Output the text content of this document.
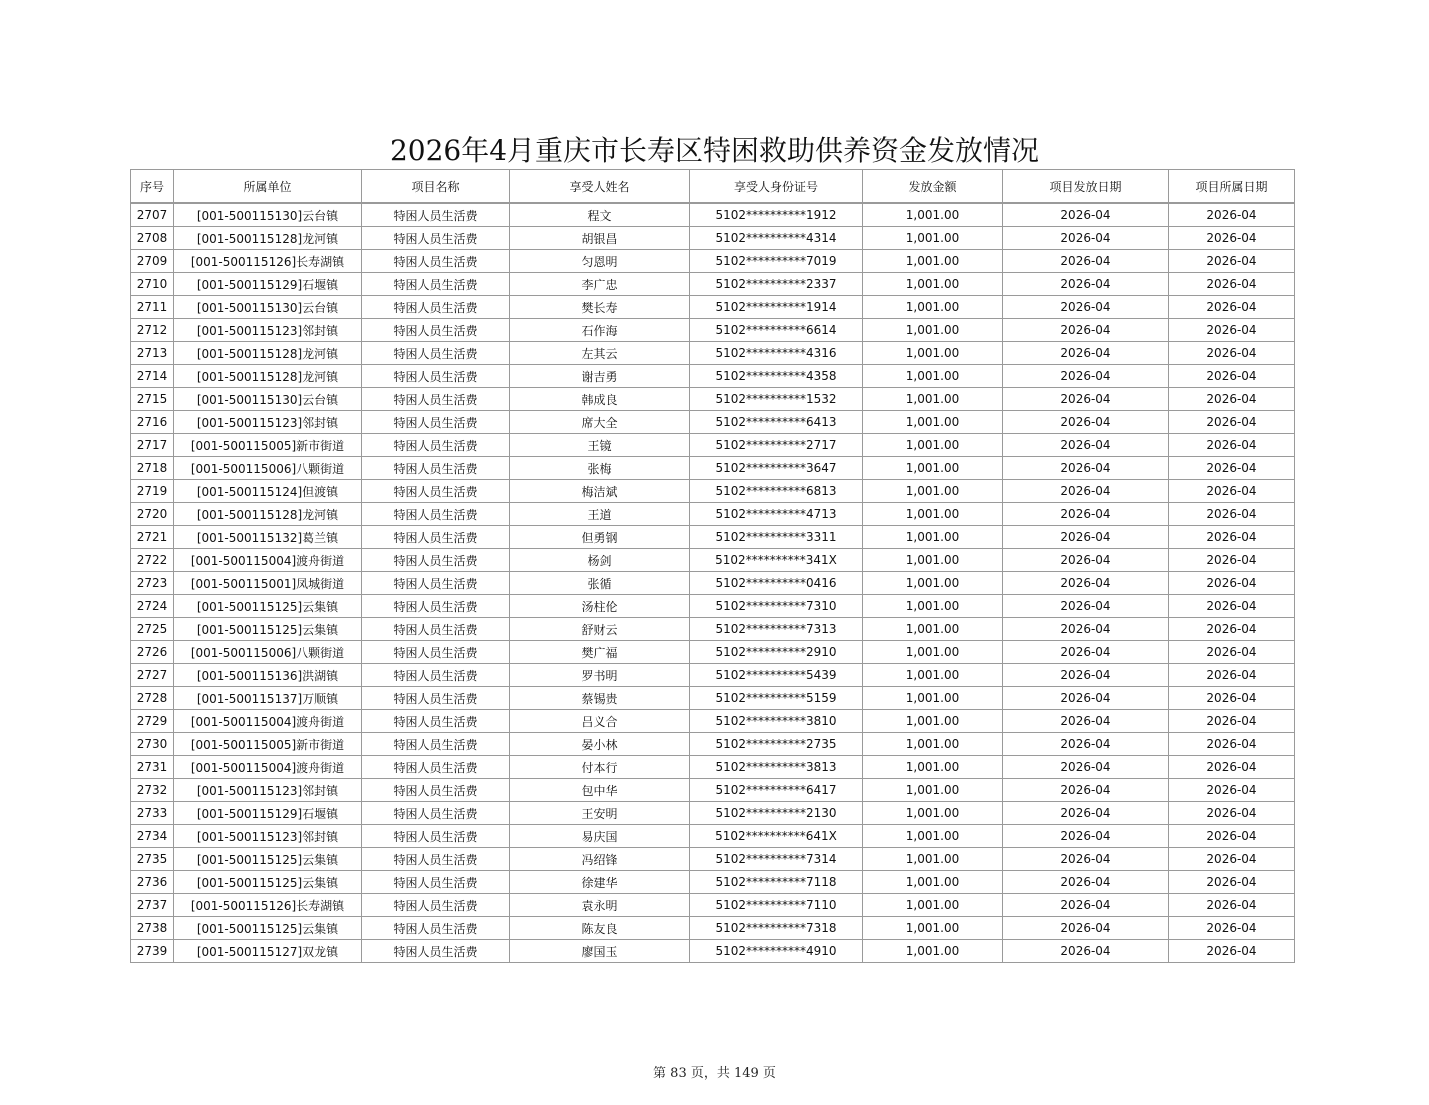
2026年4月重庆市长寿区特困救助供养资金发放情况
序号	所属单位	项目名称	享受人姓名	享受人身份证号	发放金额	项目发放日期	项目所属日期
2707	[001-500115130]云台镇	特困人员生活费	程文	5102**********1912	1,001.00	2026-04	2026-04
2708	[001-500115128]龙河镇	特困人员生活费	胡银昌	5102**********4314	1,001.00	2026-04	2026-04
2709	[001-500115126]长寿湖镇	特困人员生活费	匀恩明	5102**********7019	1,001.00	2026-04	2026-04
2710	[001-500115129]石堰镇	特困人员生活费	李广忠	5102**********2337	1,001.00	2026-04	2026-04
2711	[001-500115130]云台镇	特困人员生活费	樊长寿	5102**********1914	1,001.00	2026-04	2026-04
2712	[001-500115123]邻封镇	特困人员生活费	石作海	5102**********6614	1,001.00	2026-04	2026-04
2713	[001-500115128]龙河镇	特困人员生活费	左其云	5102**********4316	1,001.00	2026-04	2026-04
2714	[001-500115128]龙河镇	特困人员生活费	谢吉勇	5102**********4358	1,001.00	2026-04	2026-04
2715	[001-500115130]云台镇	特困人员生活费	韩成良	5102**********1532	1,001.00	2026-04	2026-04
2716	[001-500115123]邻封镇	特困人员生活费	席大全	5102**********6413	1,001.00	2026-04	2026-04
2717	[001-500115005]新市街道	特困人员生活费	王镜	5102**********2717	1,001.00	2026-04	2026-04
2718	[001-500115006]八颗街道	特困人员生活费	张梅	5102**********3647	1,001.00	2026-04	2026-04
2719	[001-500115124]但渡镇	特困人员生活费	梅洁斌	5102**********6813	1,001.00	2026-04	2026-04
2720	[001-500115128]龙河镇	特困人员生活费	王道	5102**********4713	1,001.00	2026-04	2026-04
2721	[001-500115132]葛兰镇	特困人员生活费	但勇钢	5102**********3311	1,001.00	2026-04	2026-04
2722	[001-500115004]渡舟街道	特困人员生活费	杨剑	5102**********341X	1,001.00	2026-04	2026-04
2723	[001-500115001]凤城街道	特困人员生活费	张循	5102**********0416	1,001.00	2026-04	2026-04
2724	[001-500115125]云集镇	特困人员生活费	汤柱伦	5102**********7310	1,001.00	2026-04	2026-04
2725	[001-500115125]云集镇	特困人员生活费	舒财云	5102**********7313	1,001.00	2026-04	2026-04
2726	[001-500115006]八颗街道	特困人员生活费	樊广福	5102**********2910	1,001.00	2026-04	2026-04
2727	[001-500115136]洪湖镇	特困人员生活费	罗书明	5102**********5439	1,001.00	2026-04	2026-04
2728	[001-500115137]万顺镇	特困人员生活费	蔡锡贵	5102**********5159	1,001.00	2026-04	2026-04
2729	[001-500115004]渡舟街道	特困人员生活费	吕义合	5102**********3810	1,001.00	2026-04	2026-04
2730	[001-500115005]新市街道	特困人员生活费	晏小林	5102**********2735	1,001.00	2026-04	2026-04
2731	[001-500115004]渡舟街道	特困人员生活费	付本行	5102**********3813	1,001.00	2026-04	2026-04
2732	[001-500115123]邻封镇	特困人员生活费	包中华	5102**********6417	1,001.00	2026-04	2026-04
2733	[001-500115129]石堰镇	特困人员生活费	王安明	5102**********2130	1,001.00	2026-04	2026-04
2734	[001-500115123]邻封镇	特困人员生活费	易庆国	5102**********641X	1,001.00	2026-04	2026-04
2735	[001-500115125]云集镇	特困人员生活费	冯绍锋	5102**********7314	1,001.00	2026-04	2026-04
2736	[001-500115125]云集镇	特困人员生活费	徐建华	5102**********7118	1,001.00	2026-04	2026-04
2737	[001-500115126]长寿湖镇	特困人员生活费	袁永明	5102**********7110	1,001.00	2026-04	2026-04
2738	[001-500115125]云集镇	特困人员生活费	陈友良	5102**********7318	1,001.00	2026-04	2026-04
2739	[001-500115127]双龙镇	特困人员生活费	廖国玉	5102**********4910	1,001.00	2026-04	2026-04
第 83 页，共 149 页
